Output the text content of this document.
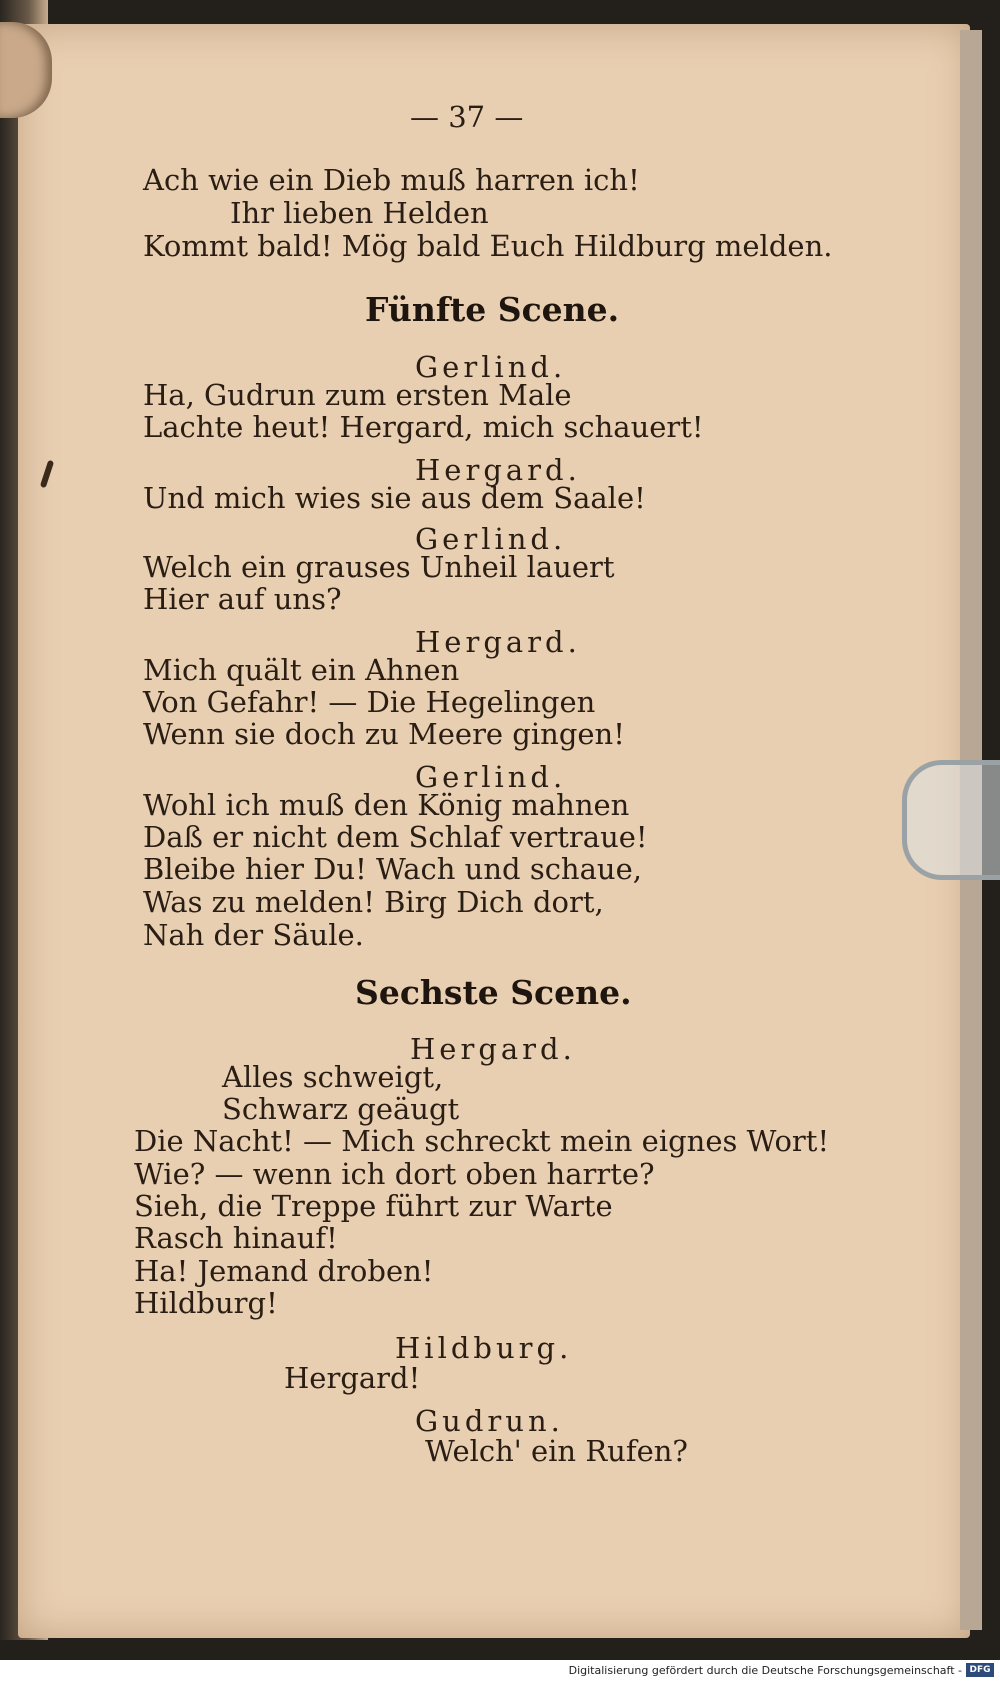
— 37 —
Ach wie ein Dieb muß harren ich!
Ihr lieben Helden
Kommt bald! Mög bald Euch Hildburg melden.
Fünfte Scene.
Gerlind.
Ha, Gudrun zum ersten Male
Lachte heut! Hergard, mich schauert!
Hergard.
Und mich wies sie aus dem Saale!
Gerlind.
Welch ein grauses Unheil lauert
Hier auf uns?
Hergard.
Mich quält ein Ahnen
Von Gefahr! — Die Hegelingen
Wenn sie doch zu Meere gingen!
Gerlind.
Wohl ich muß den König mahnen
Daß er nicht dem Schlaf vertraue!
Bleibe hier Du! Wach und schaue,
Was zu melden! Birg Dich dort,
Nah der Säule.
Sechste Scene.
Hergard.
Alles schweigt,
Schwarz geäugt
Die Nacht! — Mich schreckt mein eignes Wort!
Wie? — wenn ich dort oben harrte?
Sieh, die Treppe führt zur Warte
Rasch hinauf!
Ha! Jemand droben!
Hildburg!
Hildburg.
Hergard!
Gudrun.
Welch' ein Rufen?
Digitalisierung gefördert durch die Deutsche Forschungsgemeinschaft - DFG
